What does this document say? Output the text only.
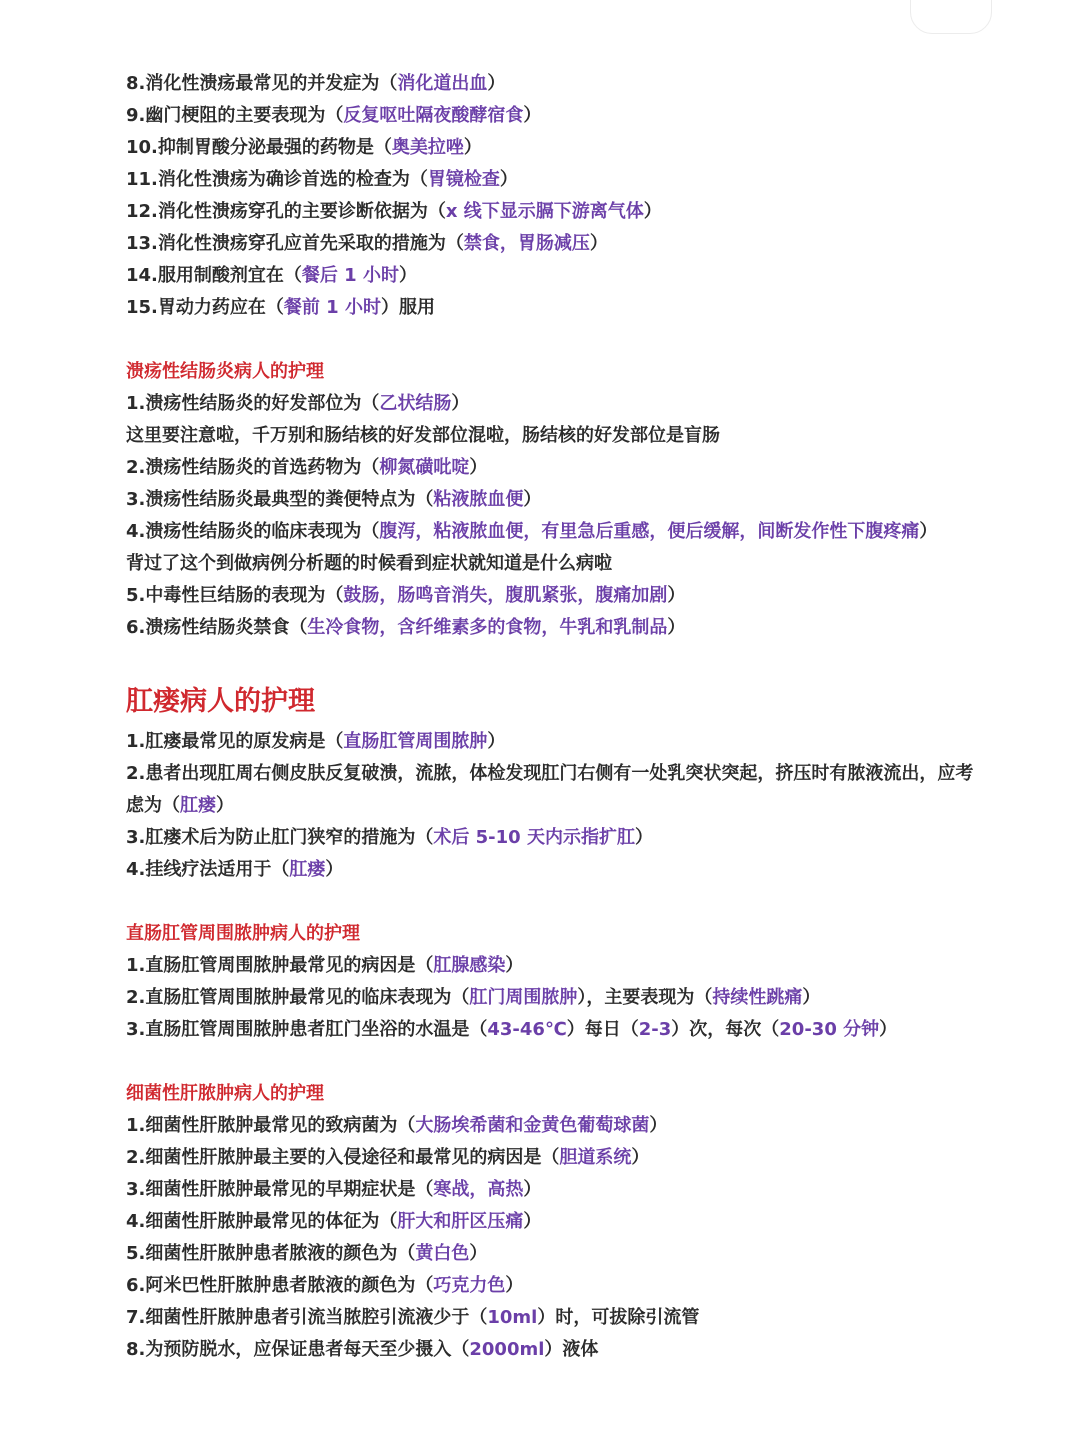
8.消化性溃疡最常见的并发症为（消化道出血）
9.幽门梗阻的主要表现为（反复呕吐隔夜酸酵宿食）
10.抑制胃酸分泌最强的药物是（奥美拉唑）
11.消化性溃疡为确诊首选的检查为（胃镜检查）
12.消化性溃疡穿孔的主要诊断依据为（x 线下显示膈下游离气体）
13.消化性溃疡穿孔应首先采取的措施为（禁食，胃肠减压）
14.服用制酸剂宜在（餐后 1 小时）
15.胃动力药应在（餐前 1 小时）服用
溃疡性结肠炎病人的护理
1.溃疡性结肠炎的好发部位为（乙状结肠）
这里要注意啦，千万别和肠结核的好发部位混啦，肠结核的好发部位是盲肠
2.溃疡性结肠炎的首选药物为（柳氮磺吡啶）
3.溃疡性结肠炎最典型的粪便特点为（粘液脓血便）
4.溃疡性结肠炎的临床表现为（腹泻，粘液脓血便，有里急后重感，便后缓解，间断发作性下腹疼痛）
背过了这个到做病例分析题的时候看到症状就知道是什么病啦
5.中毒性巨结肠的表现为（鼓肠，肠鸣音消失，腹肌紧张，腹痛加剧）
6.溃疡性结肠炎禁食（生冷食物，含纤维素多的食物，牛乳和乳制品）
肛瘘病人的护理
1.肛瘘最常见的原发病是（直肠肛管周围脓肿）
2.患者出现肛周右侧皮肤反复破溃，流脓，体检发现肛门右侧有一处乳突状突起，挤压时有脓液流出，应考虑为（肛瘘）
3.肛瘘术后为防止肛门狭窄的措施为（术后 5-10 天内示指扩肛）
4.挂线疗法适用于（肛瘘）
直肠肛管周围脓肿病人的护理
1.直肠肛管周围脓肿最常见的病因是（肛腺感染）
2.直肠肛管周围脓肿最常见的临床表现为（肛门周围脓肿），主要表现为（持续性跳痛）
3.直肠肛管周围脓肿患者肛门坐浴的水温是（43-46℃）每日（2-3）次，每次（20-30 分钟）
细菌性肝脓肿病人的护理
1.细菌性肝脓肿最常见的致病菌为（大肠埃希菌和金黄色葡萄球菌）
2.细菌性肝脓肿最主要的入侵途径和最常见的病因是（胆道系统）
3.细菌性肝脓肿最常见的早期症状是（寒战，高热）
4.细菌性肝脓肿最常见的体征为（肝大和肝区压痛）
5.细菌性肝脓肿患者脓液的颜色为（黄白色）
6.阿米巴性肝脓肿患者脓液的颜色为（巧克力色）
7.细菌性肝脓肿患者引流当脓腔引流液少于（10ml）时，可拔除引流管
8.为预防脱水，应保证患者每天至少摄入（2000ml）液体
